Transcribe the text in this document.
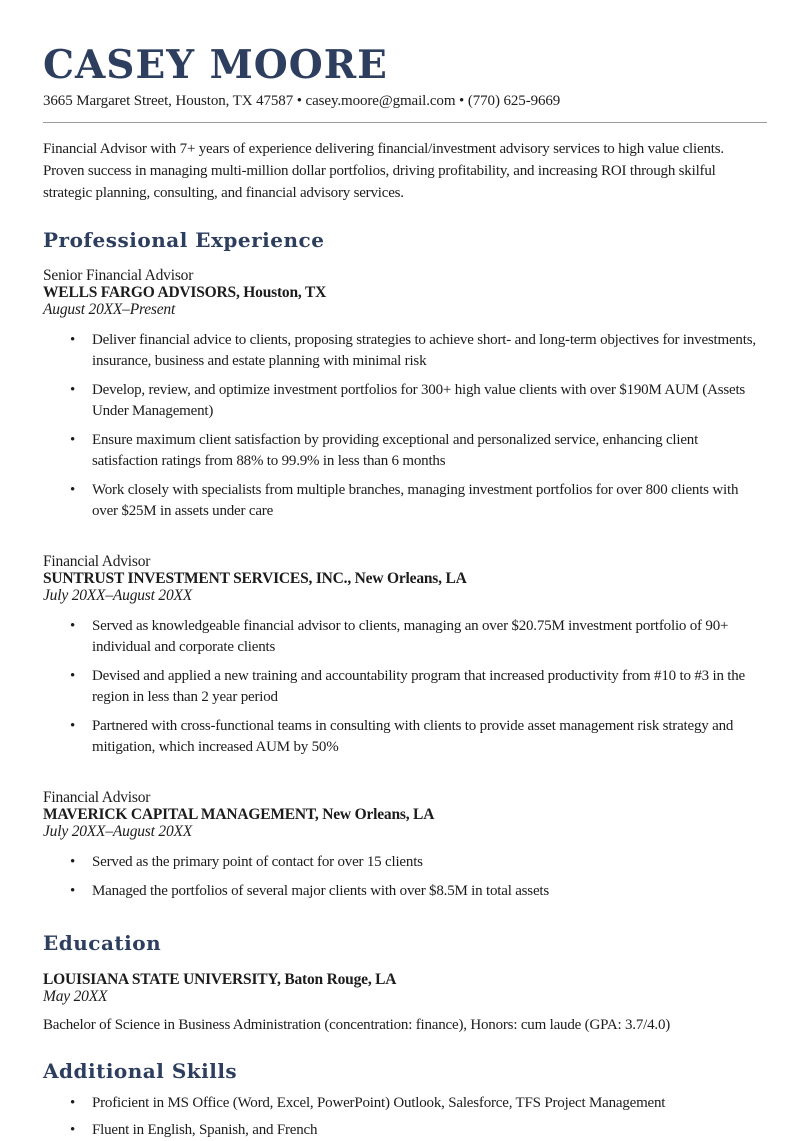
CASEY MOORE

3665 Margaret Street, Houston, TX 47587 • casey.moore@gmail.com • (770) 625-9669

Financial Advisor with 7+ years of experience delivering financial/investment advisory services to high value clients. Proven success in managing multi-million dollar portfolios, driving profitability, and increasing ROI through skilful strategic planning, consulting, and financial advisory services.

Professional Experience

Senior Financial Advisor

WELLS FARGO ADVISORS, Houston, TX

August 20XX–Present

• Deliver financial advice to clients, proposing strategies to achieve short- and long-term objectives for investments, insurance, business and estate planning with minimal risk
• Develop, review, and optimize investment portfolios for 300+ high value clients with over $190M AUM (Assets Under Management)
• Ensure maximum client satisfaction by providing exceptional and personalized service, enhancing client satisfaction ratings from 88% to 99.9% in less than 6 months
• Work closely with specialists from multiple branches, managing investment portfolios for over 800 clients with over $25M in assets under care

Financial Advisor

SUNTRUST INVESTMENT SERVICES, INC., New Orleans, LA

July 20XX–August 20XX

• Served as knowledgeable financial advisor to clients, managing an over $20.75M investment portfolio of 90+ individual and corporate clients
• Devised and applied a new training and accountability program that increased productivity from #10 to #3 in the region in less than 2 year period
• Partnered with cross-functional teams in consulting with clients to provide asset management risk strategy and mitigation, which increased AUM by 50%

Financial Advisor

MAVERICK CAPITAL MANAGEMENT, New Orleans, LA

July 20XX–August 20XX

• Served as the primary point of contact for over 15 clients
• Managed the portfolios of several major clients with over $8.5M in total assets
Education

LOUISIANA STATE UNIVERSITY, Baton Rouge, LA

May 20XX

Bachelor of Science in Business Administration (concentration: finance), Honors: cum laude (GPA: 3.7/4.0)

Additional Skills
• Proficient in MS Office (Word, Excel, PowerPoint) Outlook, Salesforce, TFS Project Management
• Fluent in English, Spanish, and French
